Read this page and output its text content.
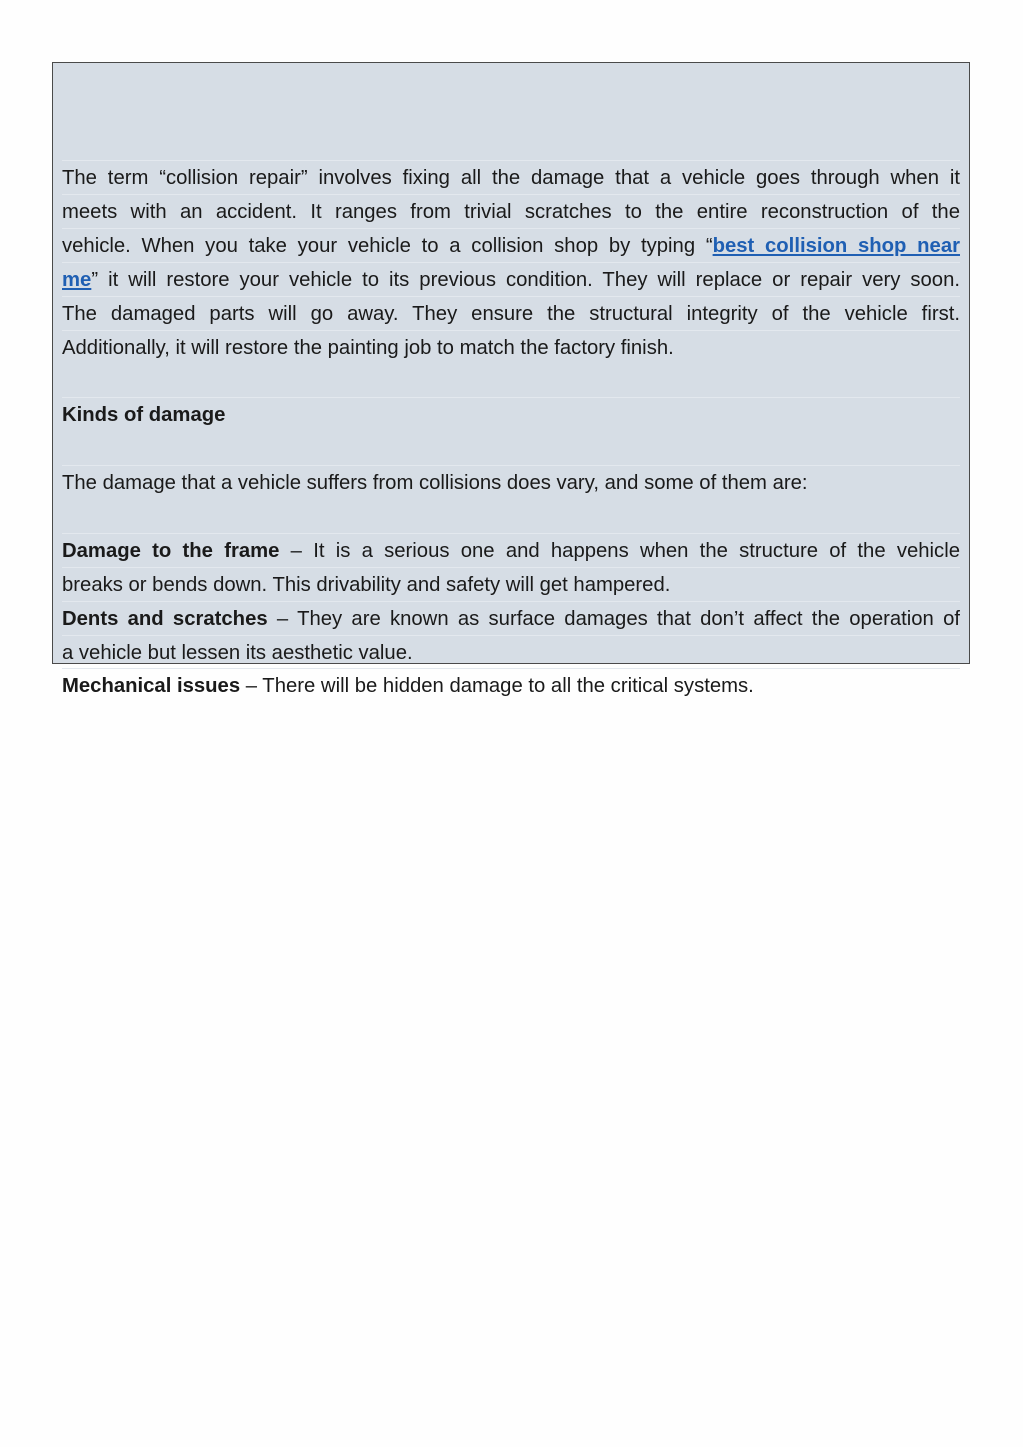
The term “collision repair” involves fixing all the damage that a vehicle goes through when it
meets with an accident. It ranges from trivial scratches to the entire reconstruction of the
vehicle. When you take your vehicle to a collision shop by typing “best collision shop near
me” it will restore your vehicle to its previous condition. They will replace or repair very soon.
The damaged parts will go away. They ensure the structural integrity of the vehicle first.
Additionally, it will restore the painting job to match the factory finish.
Kinds of damage
The damage that a vehicle suffers from collisions does vary, and some of them are:
Damage to the frame – It is a serious one and happens when the structure of the vehicle
breaks or bends down. This drivability and safety will get hampered.
Dents and scratches – They are known as surface damages that don’t affect the operation of
a vehicle but lessen its aesthetic value.
Mechanical issues – There will be hidden damage to all the critical systems.
